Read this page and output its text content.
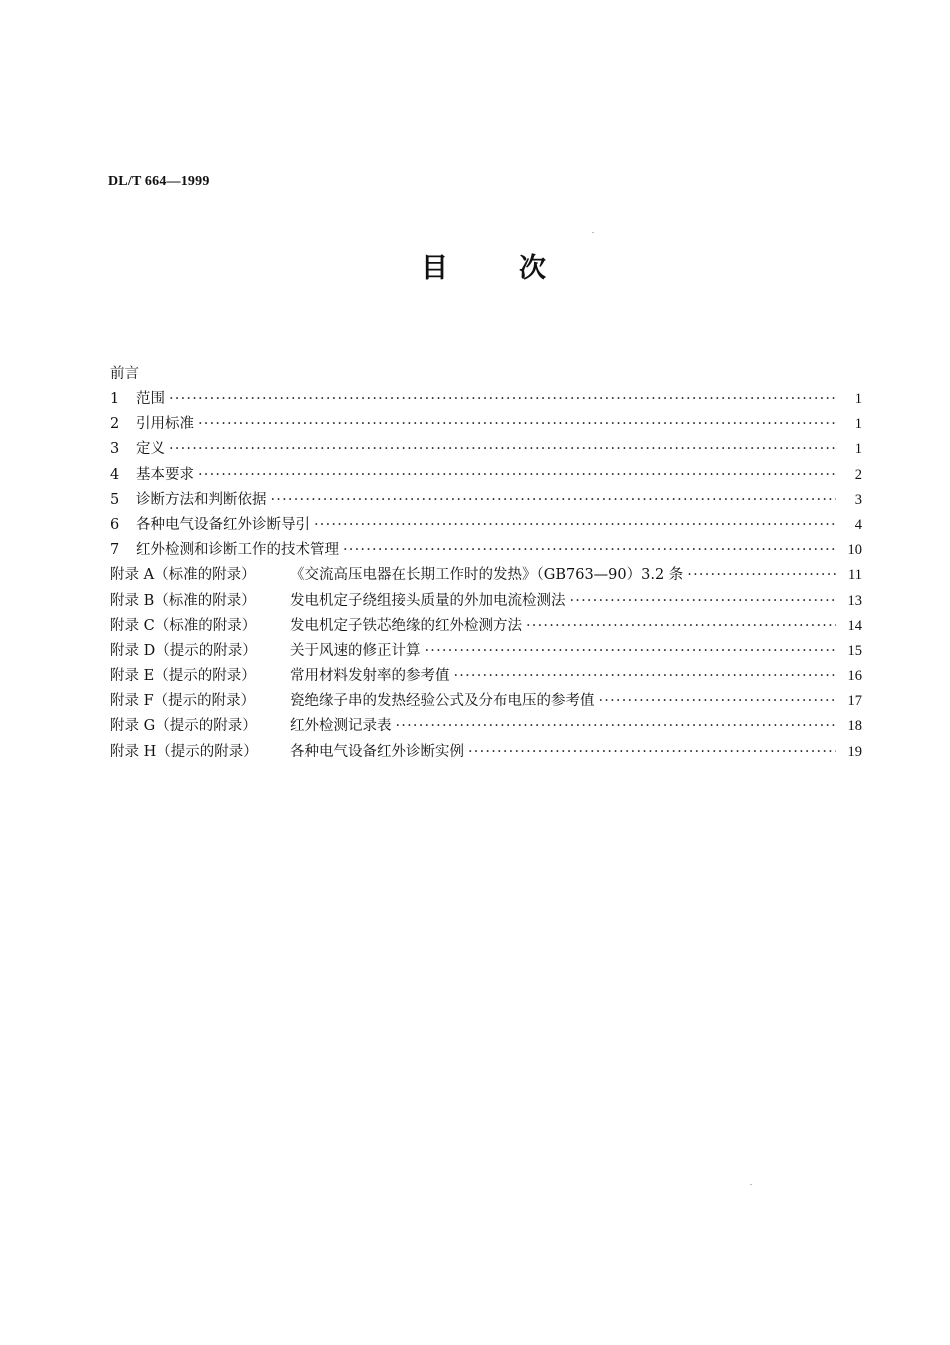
DL/T 664—1999
目	次
前言
1 范围 ·····	1
2 引用标准 ·····	1
3 定义 ·····	1
4 基本要求 ·····	2
5 诊断方法和判断依据 ·····	3
6 各种电气设备红外诊断导引 ·····	4
7 红外检测和诊断工作的技术管理 ·····	10
附录 A（标准的附录） 《交流高压电器在长期工作时的发热》（GB763—90）3.2 条 ·····	11
附录 B（标准的附录） 发电机定子绕组接头质量的外加电流检测法 ·····	13
附录 C（标准的附录） 发电机定子铁芯绝缘的红外检测方法 ·····	14
附录 D（提示的附录） 关于风速的修正计算 ·····	15
附录 E（提示的附录） 常用材料发射率的参考值 ·····	16
附录 F（提示的附录） 瓷绝缘子串的发热经验公式及分布电压的参考值 ·····	17
附录 G（提示的附录） 红外检测记录表 ·····	18
附录 H（提示的附录） 各种电气设备红外诊断实例 ·····	19
